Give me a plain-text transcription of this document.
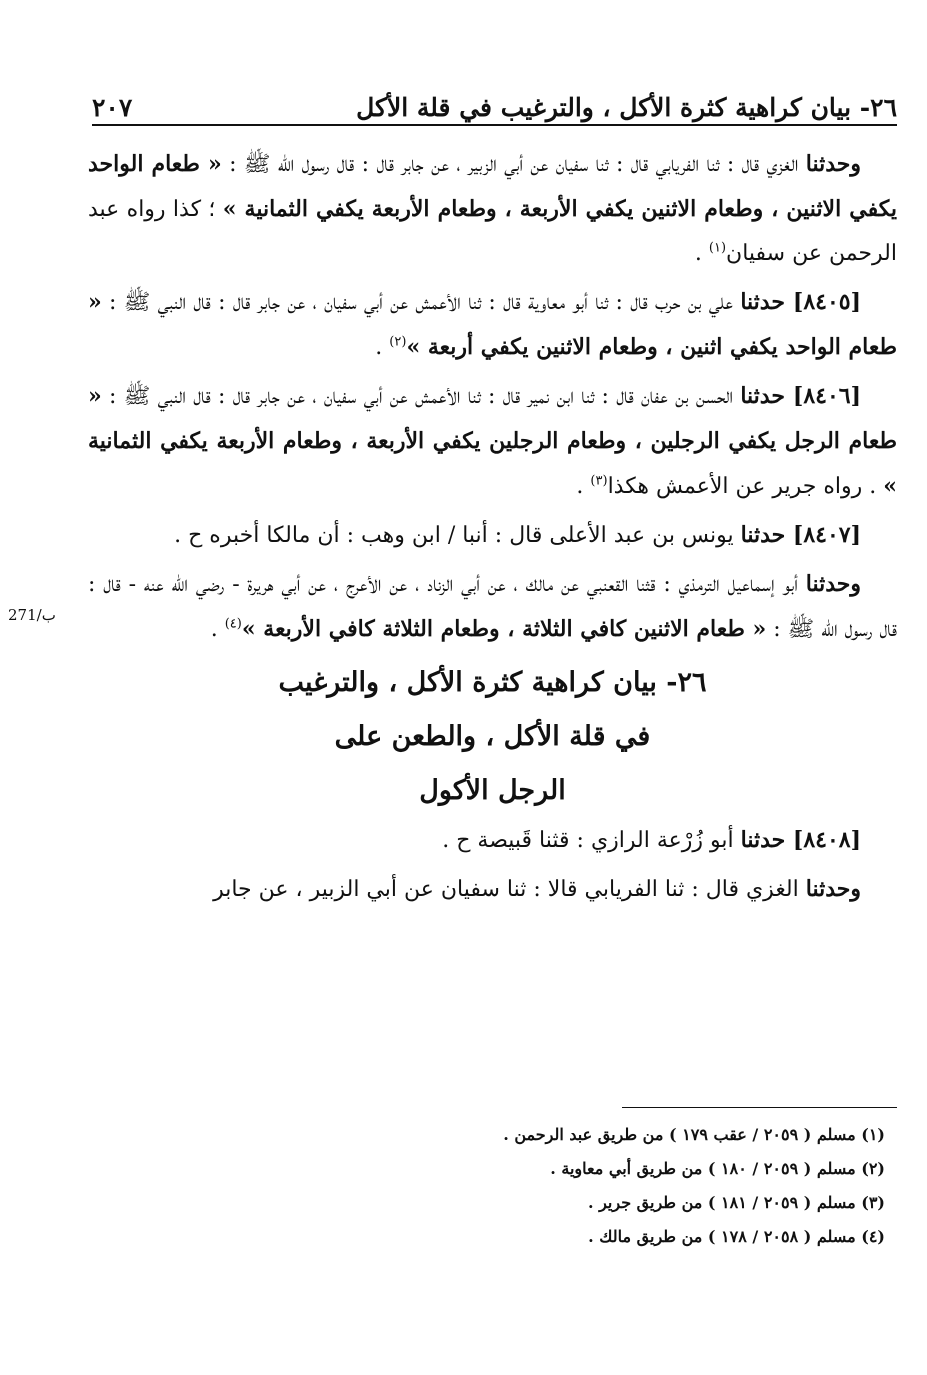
٢٦- بيان كراهية كثرة الأكل ، والترغيب في قلة الأكل
٢٠٧
271/ب

وحدثنا الغزي قال : ثنا الفريابي قال : ثنا سفيان عن أبي الزبير ، عن جابر قال : قال رسول الله ﷺ : « طعام الواحد يكفي الاثنين ، وطعام الاثنين يكفي الأربعة ، وطعام الأربعة يكفي الثمانية » ؛ كذا رواه عبد الرحمن عن سفيان$^{(١)}$ .

[٨٤٠٥] حدثنا علي بن حرب قال : ثنا أبو معاوية قال : ثنا الأعمش عن أبي سفيان ، عن جابر قال : قال النبي ﷺ : « طعام الواحد يكفي اثنين ، وطعام الاثنين يكفي أربعة »$^{(٢)}$ .

[٨٤٠٦] حدثنا الحسن بن عفان قال : ثنا ابن نمير قال : ثنا الأعمش عن أبي سفيان ، عن جابر قال : قال النبي ﷺ : « طعام الرجل يكفي الرجلين ، وطعام الرجلين يكفي الأربعة ، وطعام الأربعة يكفي الثمانية » . رواه جرير عن الأعمش هكذا$^{(٣)}$ .

[٨٤٠٧] حدثنا يونس بن عبد الأعلى قال : أنبا / ابن وهب : أن مالكا أخبره ح .

وحدثنا أبو إسماعيل الترمذي : قثنا القعنبي عن مالك ، عن أبي الزناد ، عن الأعرج ، عن أبي هريرة - رضي الله عنه - قال : قال رسول الله ﷺ : « طعام الاثنين كافي الثلاثة ، وطعام الثلاثة كافي الأربعة »$^{(٤)}$ .

٢٦- بيان كراهية كثرة الأكل ، والترغيب
في قلة الأكل ، والطعن على
الرجل الأكول

[٨٤٠٨] حدثنا أبو زُرْعة الرازي : قثنا قَبيصة ح .

وحدثنا الغزي قال : ثنا الفريابي قالا : ثنا سفيان عن أبي الزبير ، عن جابر

(١) مسلم ( ٢٠٥٩ / عقب ١٧٩ ) من طريق عبد الرحمن .
(٢) مسلم ( ٢٠٥٩ / ١٨٠ ) من طريق أبي معاوية .
(٣) مسلم ( ٢٠٥٩ / ١٨١ ) من طريق جرير .
(٤) مسلم ( ٢٠٥٨ / ١٧٨ ) من طريق مالك .
